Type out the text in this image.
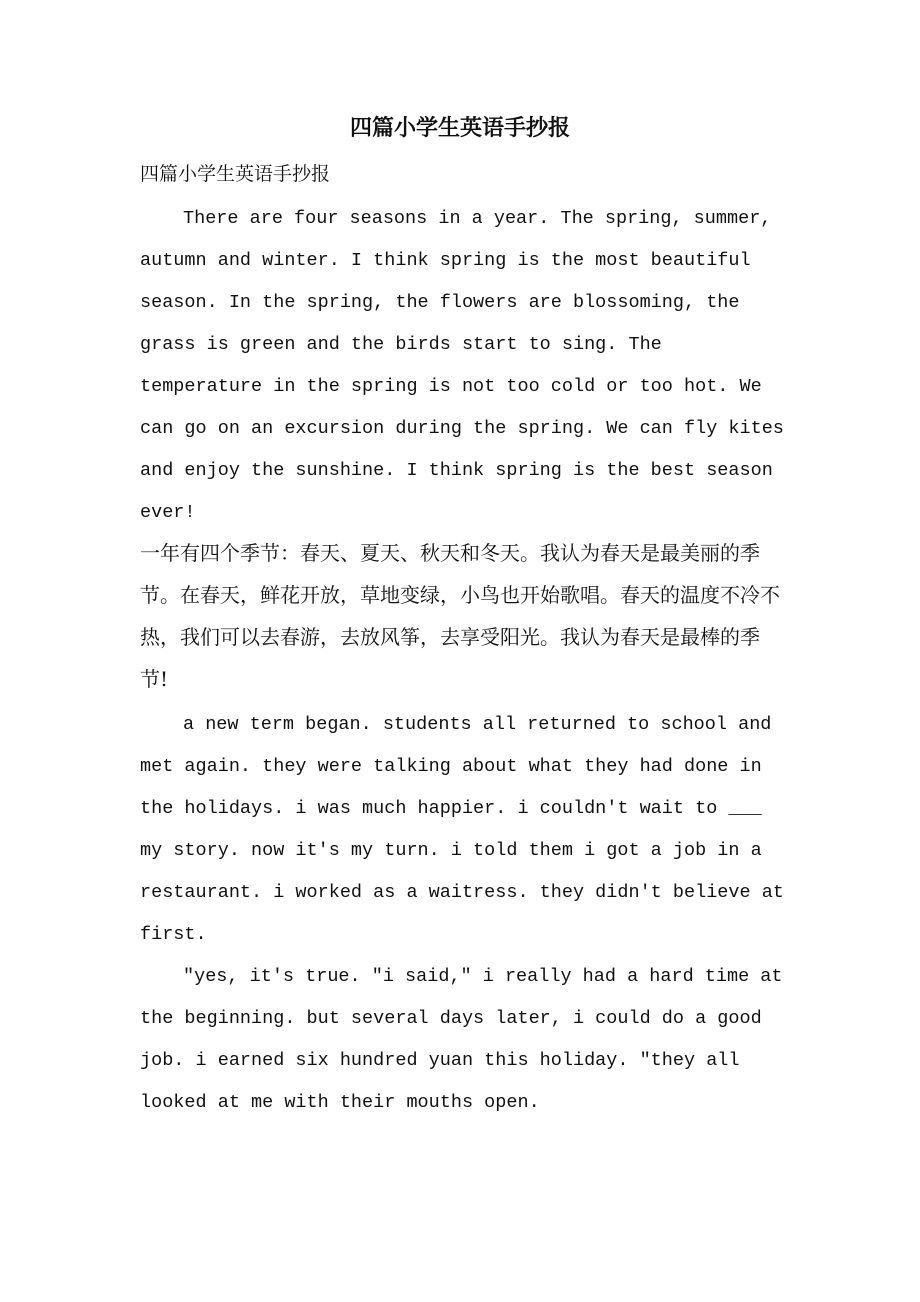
四篇小学生英语手抄报
四篇小学生英语手抄报

There are four seasons in a year. The spring, summer, autumn and winter. I think spring is the most beautiful season. In the spring, the flowers are blossoming, the grass is green and the birds start to sing. The temperature in the spring is not too cold or too hot. We can go on an excursion during the spring. We can fly kites and enjoy the sunshine. I think spring is the best season ever!

一年有四个季节：春天、夏天、秋天和冬天。我认为春天是最美丽的季节。在春天，鲜花开放，草地变绿，小鸟也开始歌唱。春天的温度不冷不热，我们可以去春游，去放风筝，去享受阳光。我认为春天是最棒的季节!

a new term began. students all returned to school and met again. they were talking about what they had done in the holidays. i was much happier. i couldn't wait to ___ my story. now it's my turn. i told them i got a job in a restaurant. i worked as a waitress. they didn't believe at first.

"yes, it's true. "i said," i really had a hard time at the beginning. but several days later, i could do a good job. i earned six hundred yuan this holiday. "they all looked at me with their mouths open.
